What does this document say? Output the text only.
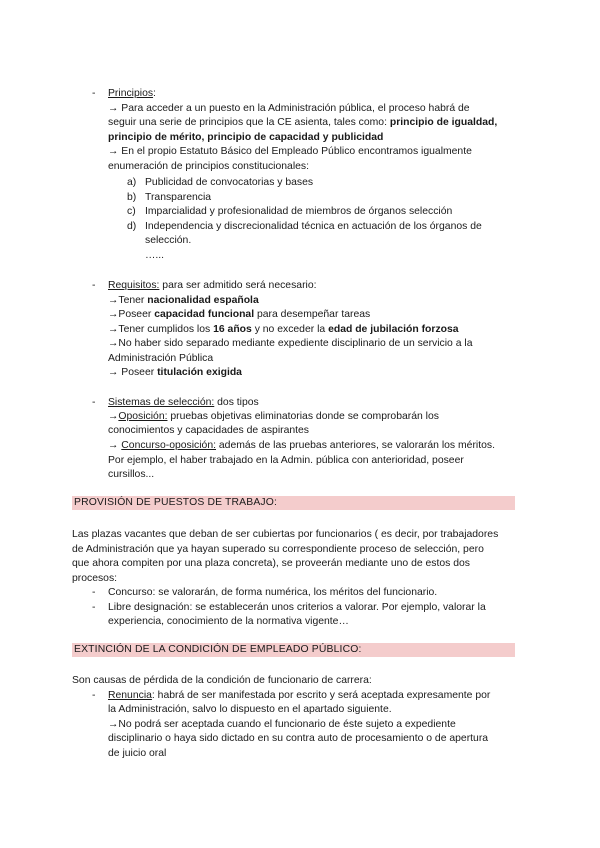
- Principios:
→ Para acceder a un puesto en la Administración pública, el proceso habrá de
seguir una serie de principios que la CE asienta, tales como: principio de igualdad,
principio de mérito, principio de capacidad y publicidad
→ En el propio Estatuto Básico del Empleado Público encontramos igualmente
enumeración de principios constitucionales:
a) Publicidad de convocatorias y bases
b) Transparencia
c) Imparcialidad y profesionalidad de miembros de órganos selección
d) Independencia y discrecionalidad técnica en actuación de los órganos de
selección.
…...
- Requisitos: para ser admitido será necesario:
→Tener nacionalidad española
→Poseer capacidad funcional para desempeñar tareas
→Tener cumplidos los 16 años y no exceder la edad de jubilación forzosa
→No haber sido separado mediante expediente disciplinario de un servicio a la
Administración Pública
→ Poseer titulación exigida
- Sistemas de selección: dos tipos
→Oposición: pruebas objetivas eliminatorias donde se comprobarán los
conocimientos y capacidades de aspirantes
→ Concurso-oposición: además de las pruebas anteriores, se valorarán los méritos.
Por ejemplo, el haber trabajado en la Admin. pública con anterioridad, poseer
cursillos...
PROVISIÓN DE PUESTOS DE TRABAJO:
Las plazas vacantes que deban de ser cubiertas por funcionarios ( es decir, por trabajadores
de Administración que ya hayan superado su correspondiente proceso de selección, pero
que ahora compiten por una plaza concreta), se proveerán mediante uno de estos dos
procesos:
- Concurso: se valorarán, de forma numérica, los méritos del funcionario.
- Libre designación: se establecerán unos criterios a valorar. Por ejemplo, valorar la
experiencia, conocimiento de la normativa vigente…
EXTINCIÓN DE LA CONDICIÓN DE EMPLEADO PÚBLICO:
Son causas de pérdida de la condición de funcionario de carrera:
- Renuncia: habrá de ser manifestada por escrito y será aceptada expresamente por
la Administración, salvo lo dispuesto en el apartado siguiente.
→No podrá ser aceptada cuando el funcionario de éste sujeto a expediente
disciplinario o haya sido dictado en su contra auto de procesamiento o de apertura
de juicio oral
